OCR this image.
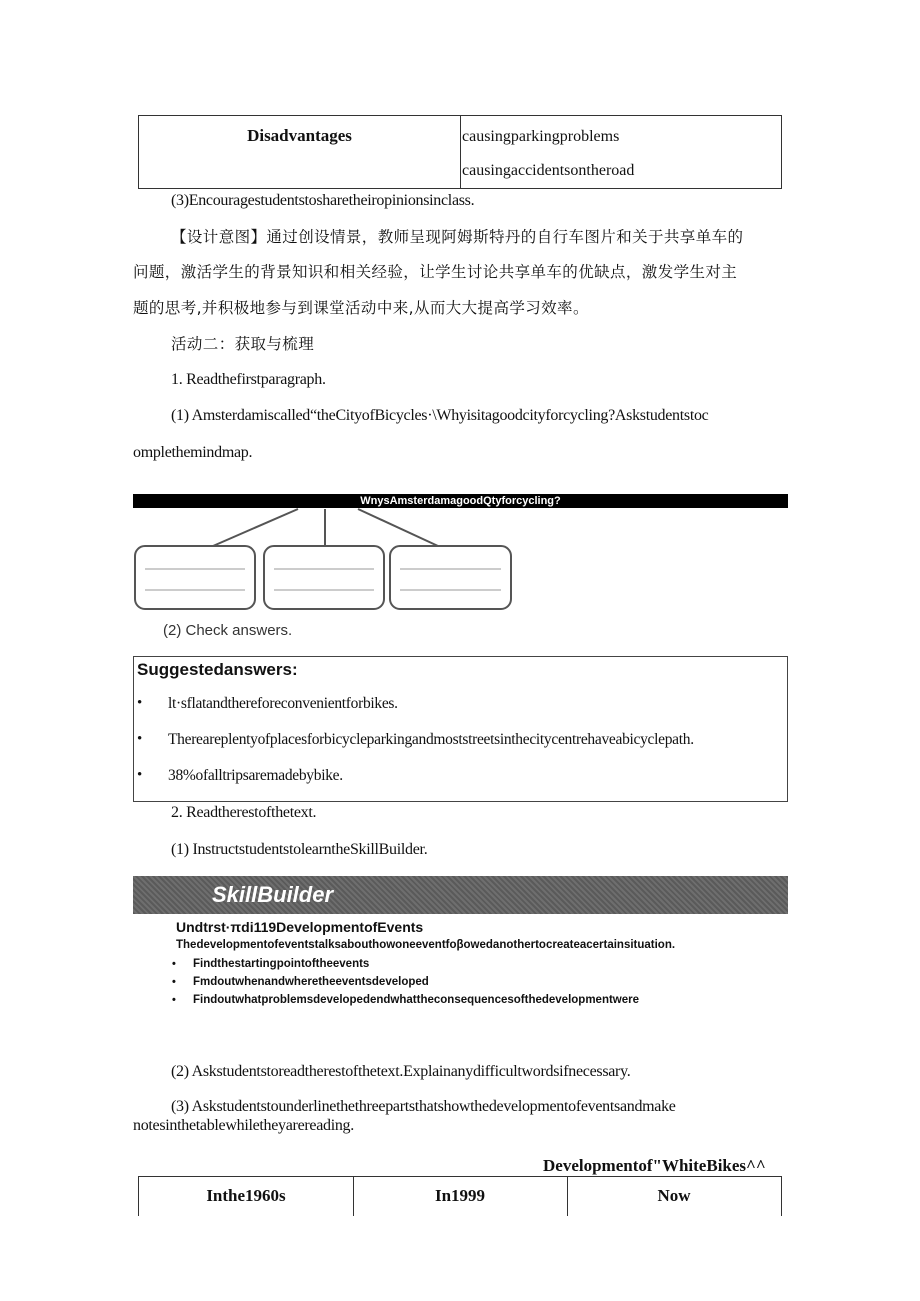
Disadvantages	causingparkingproblems
causingaccidentsontheroad
(3)Encouragestudentstosharetheiropinionsinclass.
【设计意图】通过创设情景，教师呈现阿姆斯特丹的自行车图片和关于共享单车的
问题，激活学生的背景知识和相关经验，让学生讨论共享单车的优缺点，激发学生对主
题的思考,并积极地参与到课堂活动中来,从而大大提高学习效率。
活动二：获取与梳理
1. Readthefirstparagraph.
(1) Amsterdamiscalled“theCityofBicycles·\Whyisitagoodcityforcycling?Askstudentstoc
omplethemindmap.
WnysAmsterdamagoodQtyforcycling?
(2) Check answers.
Suggestedanswers:
• lt·sflatandthereforeconvenientforbikes.
• Thereareplentyofplacesforbicycleparkingandmoststreetsinthecitycentrehaveabicyclepath.
• 38%ofalltripsaremadebybike.
2. Readtherestofthetext.
(1) InstructstudentstolearntheSkillBuilder.
SkillBuilder
Undtrst·πdi119DevelopmentofEvents
Thedevelopmentofeventstalksabouthowoneeventfoβowedanothertocreateacertainsituation.
• Findthestartingpointoftheevents
• Fmdoutwhenandwheretheeventsdeveloped
• Findoutwhatproblemsdevelopedendwhattheconsequencesofthedevelopmentwere
(2) Askstudentstoreadtherestofthetext.Explainanydifficultwordsifnecessary.
(3) Askstudentstounderlinethethreepartsthatshowthedevelopmentofeventsandmake
notesinthetablewhiletheyarereading.
Developmentof"WhiteBikes^^
Inthe1960s	In1999	Now
